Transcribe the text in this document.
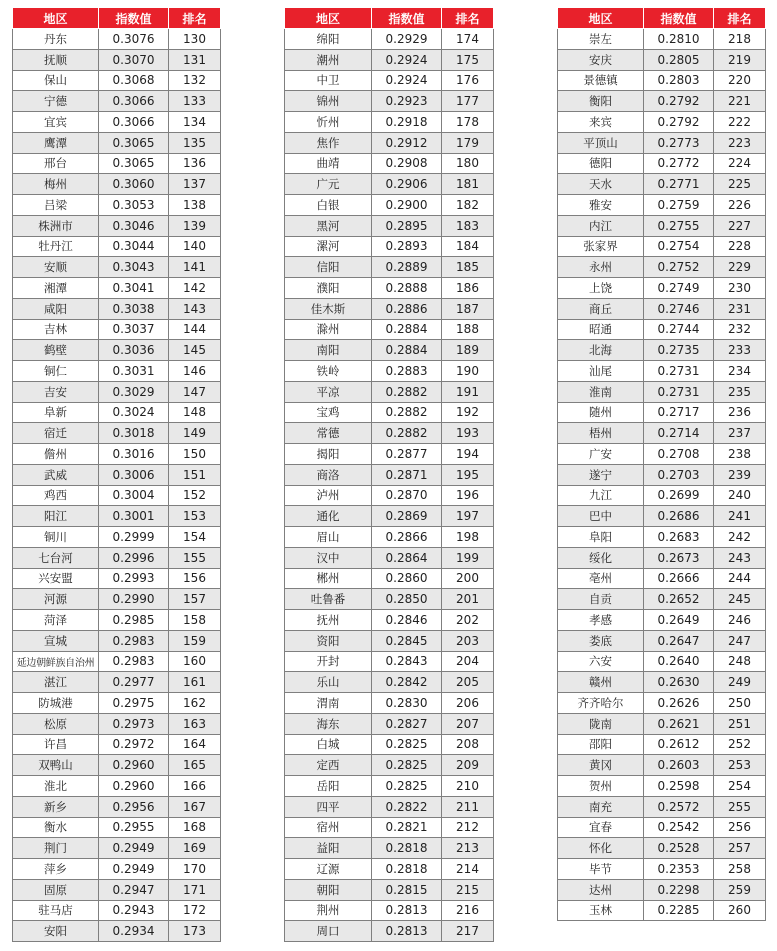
地区	指数值	排名
丹东	0.3076	130
抚顺	0.3070	131
保山	0.3068	132
宁德	0.3066	133
宜宾	0.3066	134
鹰潭	0.3065	135
邢台	0.3065	136
梅州	0.3060	137
吕梁	0.3053	138
株洲市	0.3046	139
牡丹江	0.3044	140
安顺	0.3043	141
湘潭	0.3041	142
咸阳	0.3038	143
吉林	0.3037	144
鹤壁	0.3036	145
铜仁	0.3031	146
吉安	0.3029	147
阜新	0.3024	148
宿迁	0.3018	149
儋州	0.3016	150
武威	0.3006	151
鸡西	0.3004	152
阳江	0.3001	153
铜川	0.2999	154
七台河	0.2996	155
兴安盟	0.2993	156
河源	0.2990	157
菏泽	0.2985	158
宣城	0.2983	159
延边朝鲜族自治州	0.2983	160
湛江	0.2977	161
防城港	0.2975	162
松原	0.2973	163
许昌	0.2972	164
双鸭山	0.2960	165
淮北	0.2960	166
新乡	0.2956	167
衡水	0.2955	168
荆门	0.2949	169
萍乡	0.2949	170
固原	0.2947	171
驻马店	0.2943	172
安阳	0.2934	173
地区	指数值	排名
绵阳	0.2929	174
潮州	0.2924	175
中卫	0.2924	176
锦州	0.2923	177
忻州	0.2918	178
焦作	0.2912	179
曲靖	0.2908	180
广元	0.2906	181
白银	0.2900	182
黑河	0.2895	183
漯河	0.2893	184
信阳	0.2889	185
濮阳	0.2888	186
佳木斯	0.2886	187
滁州	0.2884	188
南阳	0.2884	189
铁岭	0.2883	190
平凉	0.2882	191
宝鸡	0.2882	192
常德	0.2882	193
揭阳	0.2877	194
商洛	0.2871	195
泸州	0.2870	196
通化	0.2869	197
眉山	0.2866	198
汉中	0.2864	199
郴州	0.2860	200
吐鲁番	0.2850	201
抚州	0.2846	202
资阳	0.2845	203
开封	0.2843	204
乐山	0.2842	205
渭南	0.2830	206
海东	0.2827	207
白城	0.2825	208
定西	0.2825	209
岳阳	0.2825	210
四平	0.2822	211
宿州	0.2821	212
益阳	0.2818	213
辽源	0.2818	214
朝阳	0.2815	215
荆州	0.2813	216
周口	0.2813	217
地区	指数值	排名
崇左	0.2810	218
安庆	0.2805	219
景德镇	0.2803	220
衡阳	0.2792	221
来宾	0.2792	222
平顶山	0.2773	223
德阳	0.2772	224
天水	0.2771	225
雅安	0.2759	226
内江	0.2755	227
张家界	0.2754	228
永州	0.2752	229
上饶	0.2749	230
商丘	0.2746	231
昭通	0.2744	232
北海	0.2735	233
汕尾	0.2731	234
淮南	0.2731	235
随州	0.2717	236
梧州	0.2714	237
广安	0.2708	238
遂宁	0.2703	239
九江	0.2699	240
巴中	0.2686	241
阜阳	0.2683	242
绥化	0.2673	243
亳州	0.2666	244
自贡	0.2652	245
孝感	0.2649	246
娄底	0.2647	247
六安	0.2640	248
赣州	0.2630	249
齐齐哈尔	0.2626	250
陇南	0.2621	251
邵阳	0.2612	252
黄冈	0.2603	253
贺州	0.2598	254
南充	0.2572	255
宜春	0.2542	256
怀化	0.2528	257
毕节	0.2353	258
达州	0.2298	259
玉林	0.2285	260
